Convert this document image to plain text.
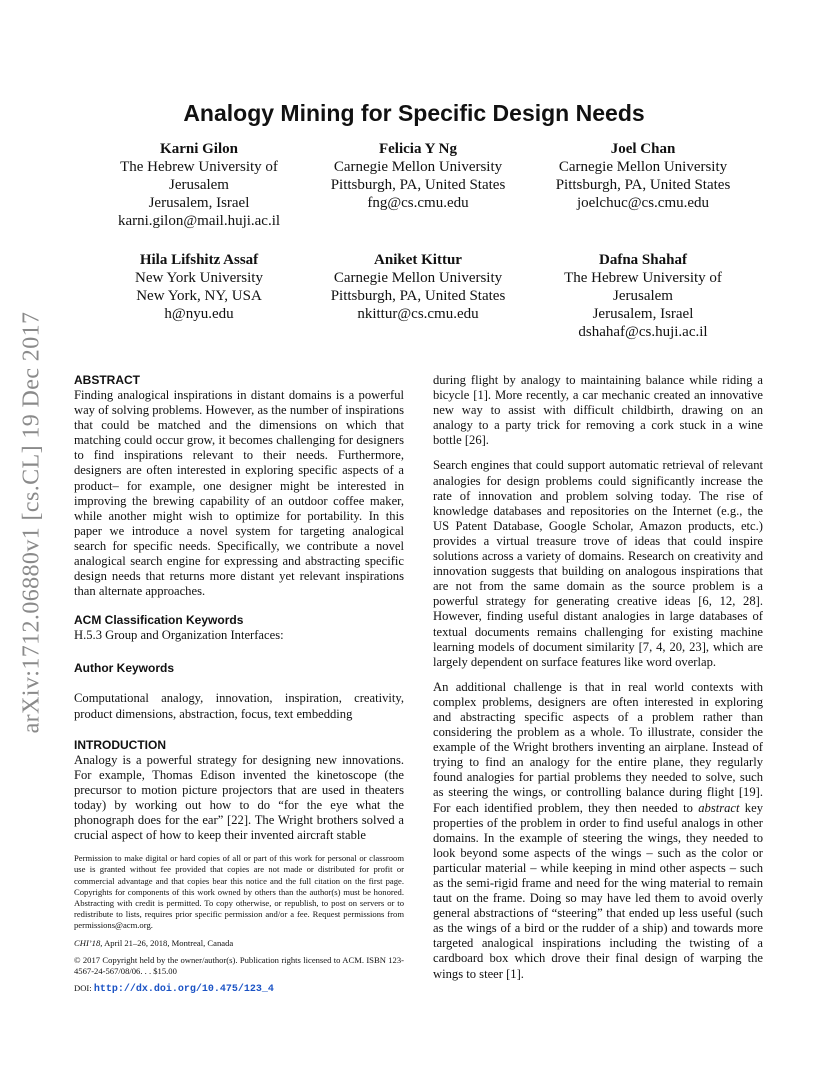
arXiv:1712.06880v1 [cs.CL] 19 Dec 2017
Analogy Mining for Specific Design Needs
Karni Gilon
The Hebrew University of
Jerusalem
Jerusalem, Israel
karni.gilon@mail.huji.ac.il
Felicia Y Ng
Carnegie Mellon University
Pittsburgh, PA, United States
fng@cs.cmu.edu
Joel Chan
Carnegie Mellon University
Pittsburgh, PA, United States
joelchuc@cs.cmu.edu
Hila Lifshitz Assaf
New York University
New York, NY, USA
h@nyu.edu
Aniket Kittur
Carnegie Mellon University
Pittsburgh, PA, United States
nkittur@cs.cmu.edu
Dafna Shahaf
The Hebrew University of
Jerusalem
Jerusalem, Israel
dshahaf@cs.huji.ac.il
ABSTRACT

Finding analogical inspirations in distant domains is a powerful way of solving problems. However, as the number of inspirations that could be matched and the dimensions on which that matching could occur grow, it becomes challenging for designers to find inspirations relevant to their needs. Furthermore, designers are often interested in exploring specific aspects of a product– for example, one designer might be interested in improving the brewing capability of an outdoor coffee maker, while another might wish to optimize for portability. In this paper we introduce a novel system for targeting analogical search for specific needs. Specifically, we contribute a novel analogical search engine for expressing and abstracting specific design needs that returns more distant yet relevant inspirations than alternate approaches.

ACM Classification Keywords

H.5.3 Group and Organization Interfaces:

Author Keywords

Computational analogy, innovation, inspiration, creativity, product dimensions, abstraction, focus, text embedding

INTRODUCTION

Analogy is a powerful strategy for designing new innovations. For example, Thomas Edison invented the kinetoscope (the precursor to motion picture projectors that are used in theaters today) by working out how to do “for the eye what the phonograph does for the ear” [22]. The Wright brothers solved a crucial aspect of how to keep their invented aircraft stable

Permission to make digital or hard copies of all or part of this work for personal or classroom use is granted without fee provided that copies are not made or distributed for profit or commercial advantage and that copies bear this notice and the full citation on the first page. Copyrights for components of this work owned by others than the author(s) must be honored. Abstracting with credit is permitted. To copy otherwise, or republish, to post on servers or to redistribute to lists, requires prior specific permission and/or a fee. Request permissions from permissions@acm.org.

CHI’18, April 21–26, 2018, Montreal, Canada

© 2017 Copyright held by the owner/author(s). Publication rights licensed to ACM. ISBN 123-4567-24-567/08/06. . . $15.00

DOI: http://dx.doi.org/10.475/123_4

during flight by analogy to maintaining balance while riding a bicycle [1]. More recently, a car mechanic created an innovative new way to assist with difficult childbirth, drawing on an analogy to a party trick for removing a cork stuck in a wine bottle [26].

Search engines that could support automatic retrieval of relevant analogies for design problems could significantly increase the rate of innovation and problem solving today. The rise of knowledge databases and repositories on the Internet (e.g., the US Patent Database, Google Scholar, Amazon products, etc.) provides a virtual treasure trove of ideas that could inspire solutions across a variety of domains. Research on creativity and innovation suggests that building on analogous inspirations that are not from the same domain as the source problem is a powerful strategy for generating creative ideas [6, 12, 28]. However, finding useful distant analogies in large databases of textual documents remains challenging for existing machine learning models of document similarity [7, 4, 20, 23], which are largely dependent on surface features like word overlap.

An additional challenge is that in real world contexts with complex problems, designers are often interested in exploring and abstracting specific aspects of a problem rather than considering the problem as a whole. To illustrate, consider the example of the Wright brothers inventing an airplane. Instead of trying to find an analogy for the entire plane, they regularly found analogies for partial problems they needed to solve, such as steering the wings, or controlling balance during flight [19]. For each identified problem, they then needed to abstract key properties of the problem in order to find useful analogs in other domains. In the example of steering the wings, they needed to look beyond some aspects of the wings – such as the color or particular material – while keeping in mind other aspects – such as the semi-rigid frame and need for the wing material to remain taut on the frame. Doing so may have led them to avoid overly general abstractions of “steering” that ended up less useful (such as the wings of a bird or the rudder of a ship) and towards more targeted analogical inspirations including the twisting of a cardboard box which drove their final design of warping the wings to steer [1].
